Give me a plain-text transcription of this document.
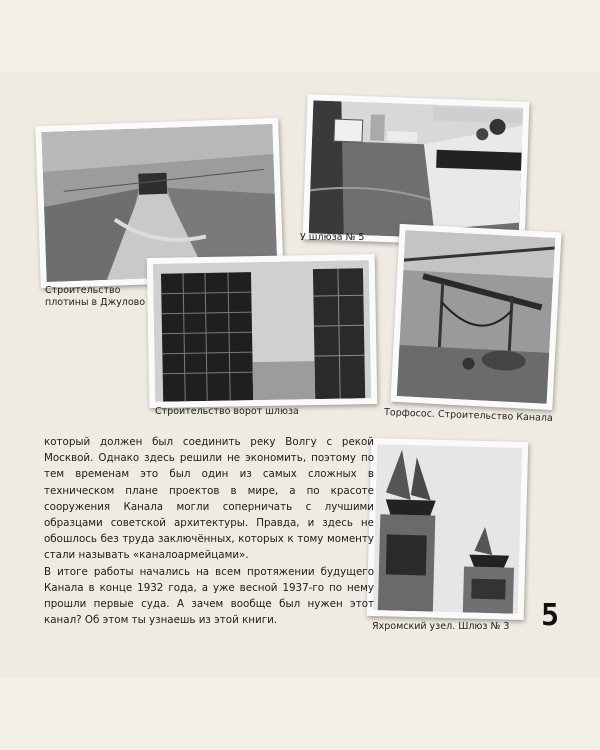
Строительство
плотины в Джулово
У шлюза № 5
Торфосос. Строительство Канала
Строительство ворот шлюза
Яхромский узел. Шлюз № 3

который должен был соединить реку Волгу с рекой Москвой. Однако здесь решили не экономить, поэтому по тем временам это был один из самых сложных в техническом плане проектов в мире, а по красоте сооружения Канала могли соперничать с лучшими образцами советской архитектуры. Правда, и здесь не обошлось без труда заключённых, которых к тому моменту стали называть «каналоармейцами».

В итоге работы начались на всем протяжении будущего Канала в конце 1932 года, а уже весной 1937-го по нему прошли первые суда. А зачем вообще был нужен этот канал? Об этом ты узнаешь из этой книги.	5
